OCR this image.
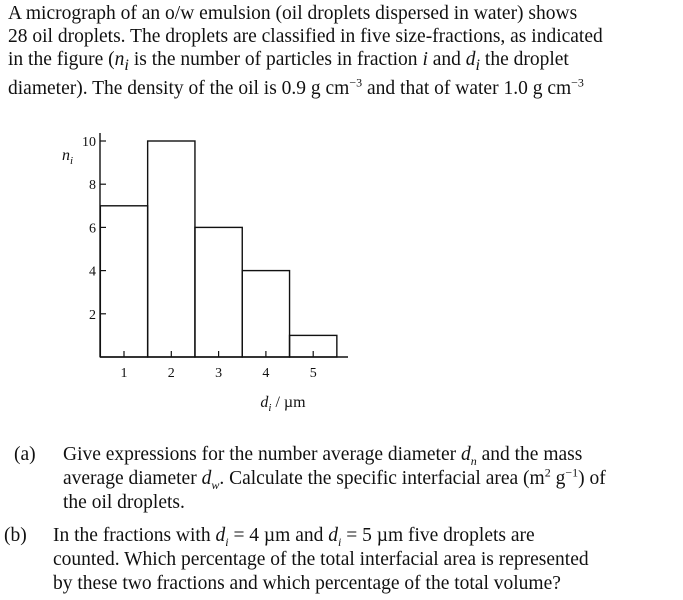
A micrograph of an o/w emulsion (oil droplets dispersed in water) shows
28 oil droplets. The droplets are classified in five size-fractions, as indicated
in the figure ($n_i$ is the number of particles in fraction i and $d_i$ the droplet
diameter). The density of the oil is 0.9 g $cm^{-3}$ and that of water 1.0 g $cm^{-3}$
2
4
6
8
10
1	2	3	4	5
$n_i$
$d_i$ / µm
(a) Give expressions for the number average diameter $d_n$ and the mass
average diameter $d_w$. Calculate the specific interfacial area ($m^2$ $g^{-1}$) of
the oil droplets.
(b) In the fractions with $d_i = 4$ µm and $d_i = 5$ µm five droplets are
counted. Which percentage of the total interfacial area is represented
by these two fractions and which percentage of the total volume?
